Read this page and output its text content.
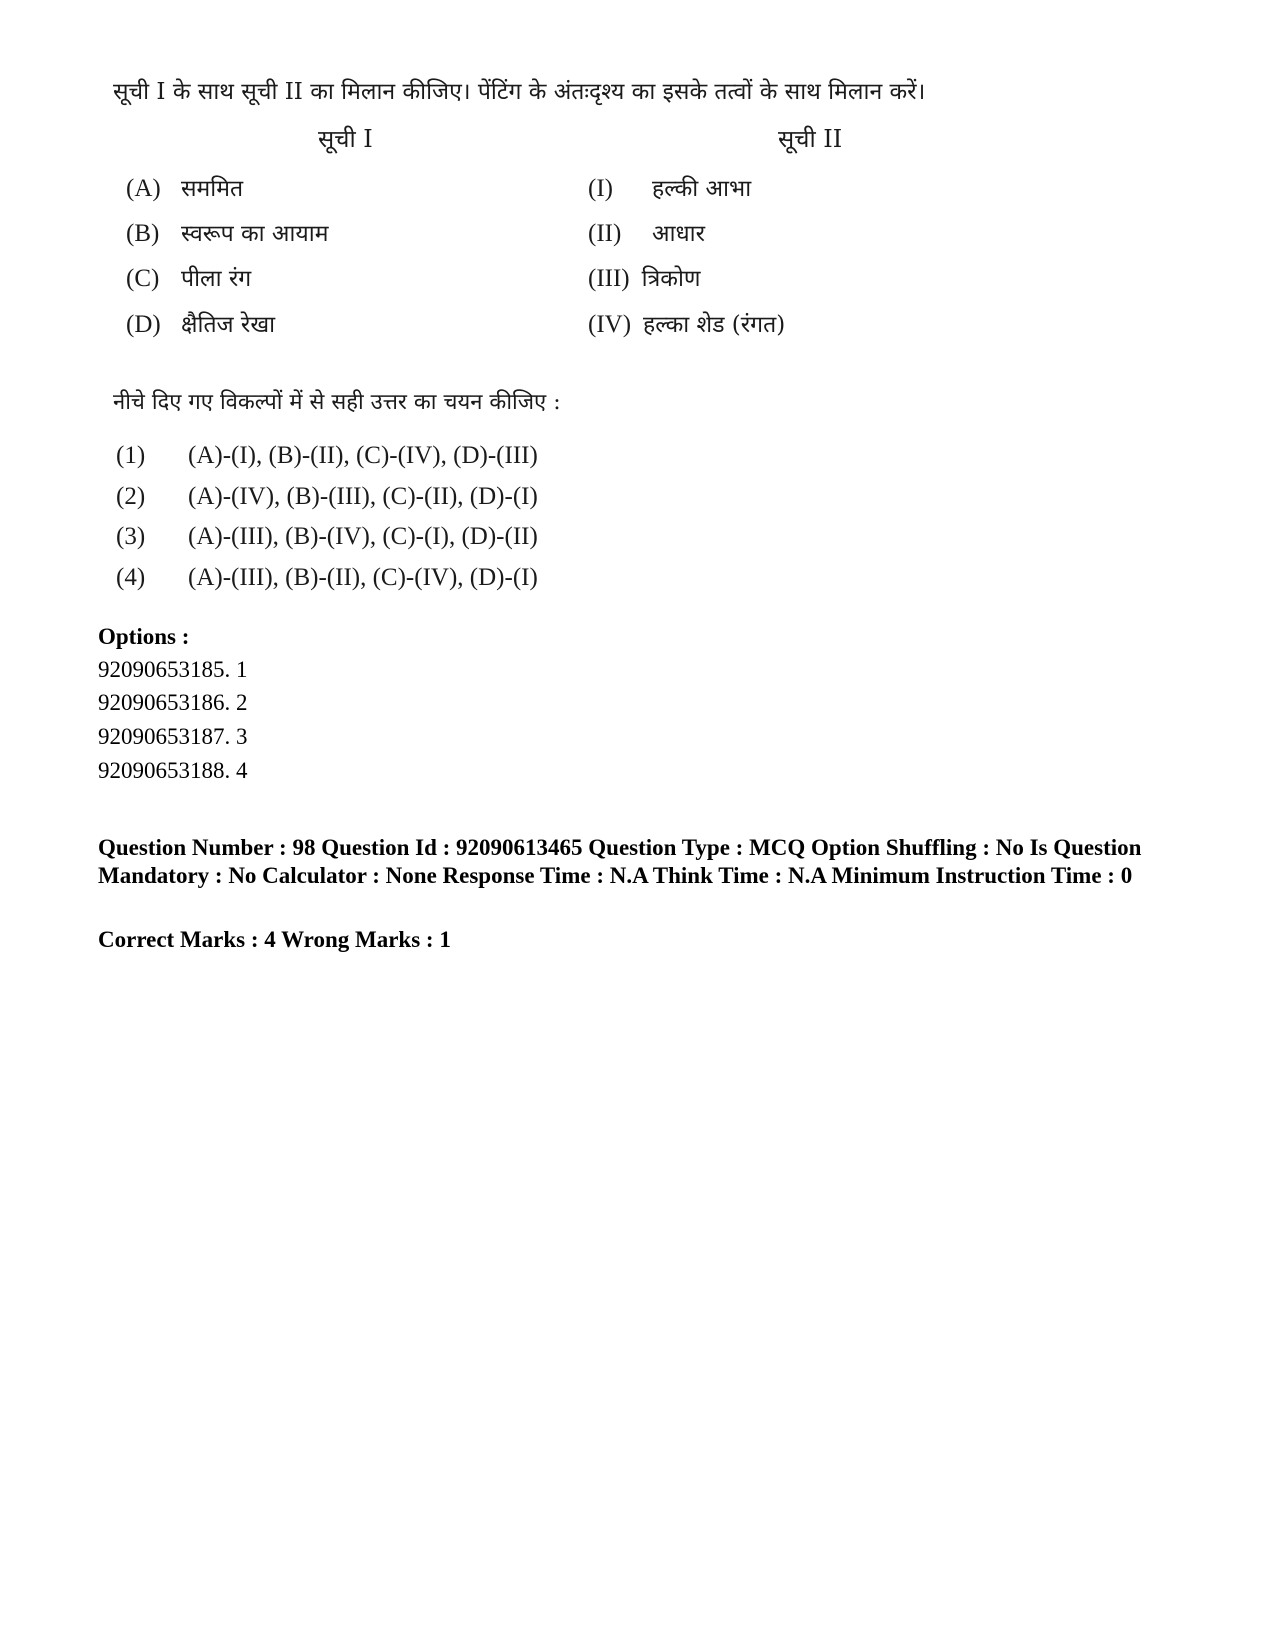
सूची I के साथ सूची II का मिलान कीजिए। पेंटिंग के अंतःदृश्य का इसके तत्वों के साथ मिलान करें।
सूची I	सूची II
(A) सममित
(B) स्वरूप का आयाम
(C) पीला रंग
(D) क्षैतिज रेखा
(I) हल्की आभा
(II) आधार
(III) त्रिकोण
(IV) हल्का शेड (रंगत)
नीचे दिए गए विकल्पों में से सही उत्तर का चयन कीजिए :
(1) (A)-(I), (B)-(II), (C)-(IV), (D)-(III)
(2) (A)-(IV), (B)-(III), (C)-(II), (D)-(I)
(3) (A)-(III), (B)-(IV), (C)-(I), (D)-(II)
(4) (A)-(III), (B)-(II), (C)-(IV), (D)-(I)
Options :
92090653185. 1
92090653186. 2
92090653187. 3
92090653188. 4
Question Number : 98 Question Id : 92090613465 Question Type : MCQ Option Shuffling : No Is Question Mandatory : No Calculator : None Response Time : N.A Think Time : N.A Minimum Instruction Time : 0
Correct Marks : 4 Wrong Marks : 1
